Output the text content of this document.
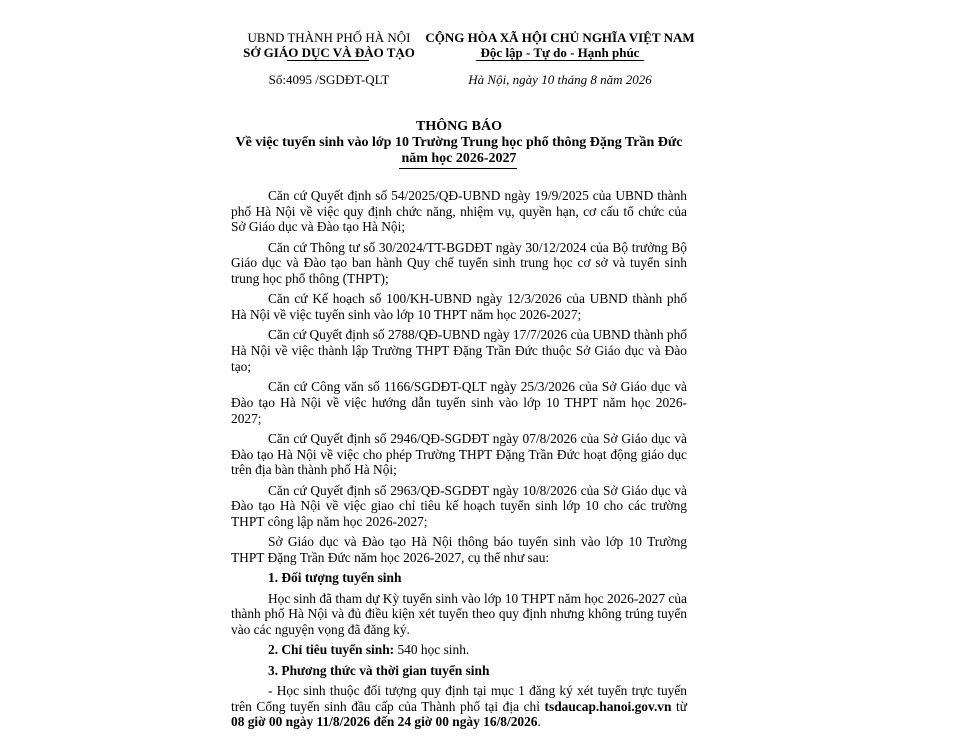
UBND THÀNH PHỐ HÀ NỘI
SỞ GIÁO DỤC VÀ ĐÀO TẠO
Số:4095 /SGDĐT-QLT
CỘNG HÒA XÃ HỘI CHỦ NGHĨA VIỆT NAM
Độc lập - Tự do - Hạnh phúc
Hà Nội, ngày 10 tháng 8 năm 2026
THÔNG BÁO
Về việc tuyển sinh vào lớp 10 Trường Trung học phổ thông Đặng Trần Đức
năm học 2026-2027

Căn cứ Quyết định số 54/2025/QĐ-UBND ngày 19/9/2025 của UBND thành phố Hà Nội về việc quy định chức năng, nhiệm vụ, quyền hạn, cơ cấu tổ chức của Sở Giáo dục và Đào tạo Hà Nội;

Căn cứ Thông tư số 30/2024/TT-BGDĐT ngày 30/12/2024 của Bộ trưởng Bộ Giáo dục và Đào tạo ban hành Quy chế tuyển sinh trung học cơ sở và tuyển sinh trung học phổ thông (THPT);

Căn cứ Kế hoạch số 100/KH-UBND ngày 12/3/2026 của UBND thành phố Hà Nội về việc tuyển sinh vào lớp 10 THPT năm học 2026-2027;

Căn cứ Quyết định số 2788/QĐ-UBND ngày 17/7/2026 của UBND thành phố Hà Nội về việc thành lập Trường THPT Đặng Trần Đức thuộc Sở Giáo dục và Đào tạo;

Căn cứ Công văn số 1166/SGDĐT-QLT ngày 25/3/2026 của Sở Giáo dục và Đào tạo Hà Nội về việc hướng dẫn tuyển sinh vào lớp 10 THPT năm học 2026-2027;

Căn cứ Quyết định số 2946/QĐ-SGDĐT ngày 07/8/2026 của Sở Giáo dục và Đào tạo Hà Nội về việc cho phép Trường THPT Đặng Trần Đức hoạt động giáo dục trên địa bàn thành phố Hà Nội;

Căn cứ Quyết định số 2963/QĐ-SGDĐT ngày 10/8/2026 của Sở Giáo dục và Đào tạo Hà Nội về việc giao chỉ tiêu kế hoạch tuyển sinh lớp 10 cho các trường THPT công lập năm học 2026-2027;

Sở Giáo dục và Đào tạo Hà Nội thông báo tuyển sinh vào lớp 10 Trường THPT Đặng Trần Đức năm học 2026-2027, cụ thể như sau:

1. Đối tượng tuyển sinh

Học sinh đã tham dự Kỳ tuyển sinh vào lớp 10 THPT năm học 2026-2027 của thành phố Hà Nội và đủ điều kiện xét tuyển theo quy định nhưng không trúng tuyển vào các nguyện vọng đã đăng ký.

2. Chỉ tiêu tuyển sinh: 540 học sinh.

3. Phương thức và thời gian tuyển sinh

- Học sinh thuộc đối tượng quy định tại mục 1 đăng ký xét tuyển trực tuyến trên Cổng tuyển sinh đầu cấp của Thành phố tại địa chỉ tsdaucap.hanoi.gov.vn từ 08 giờ 00 ngày 11/8/2026 đến 24 giờ 00 ngày 16/8/2026.
